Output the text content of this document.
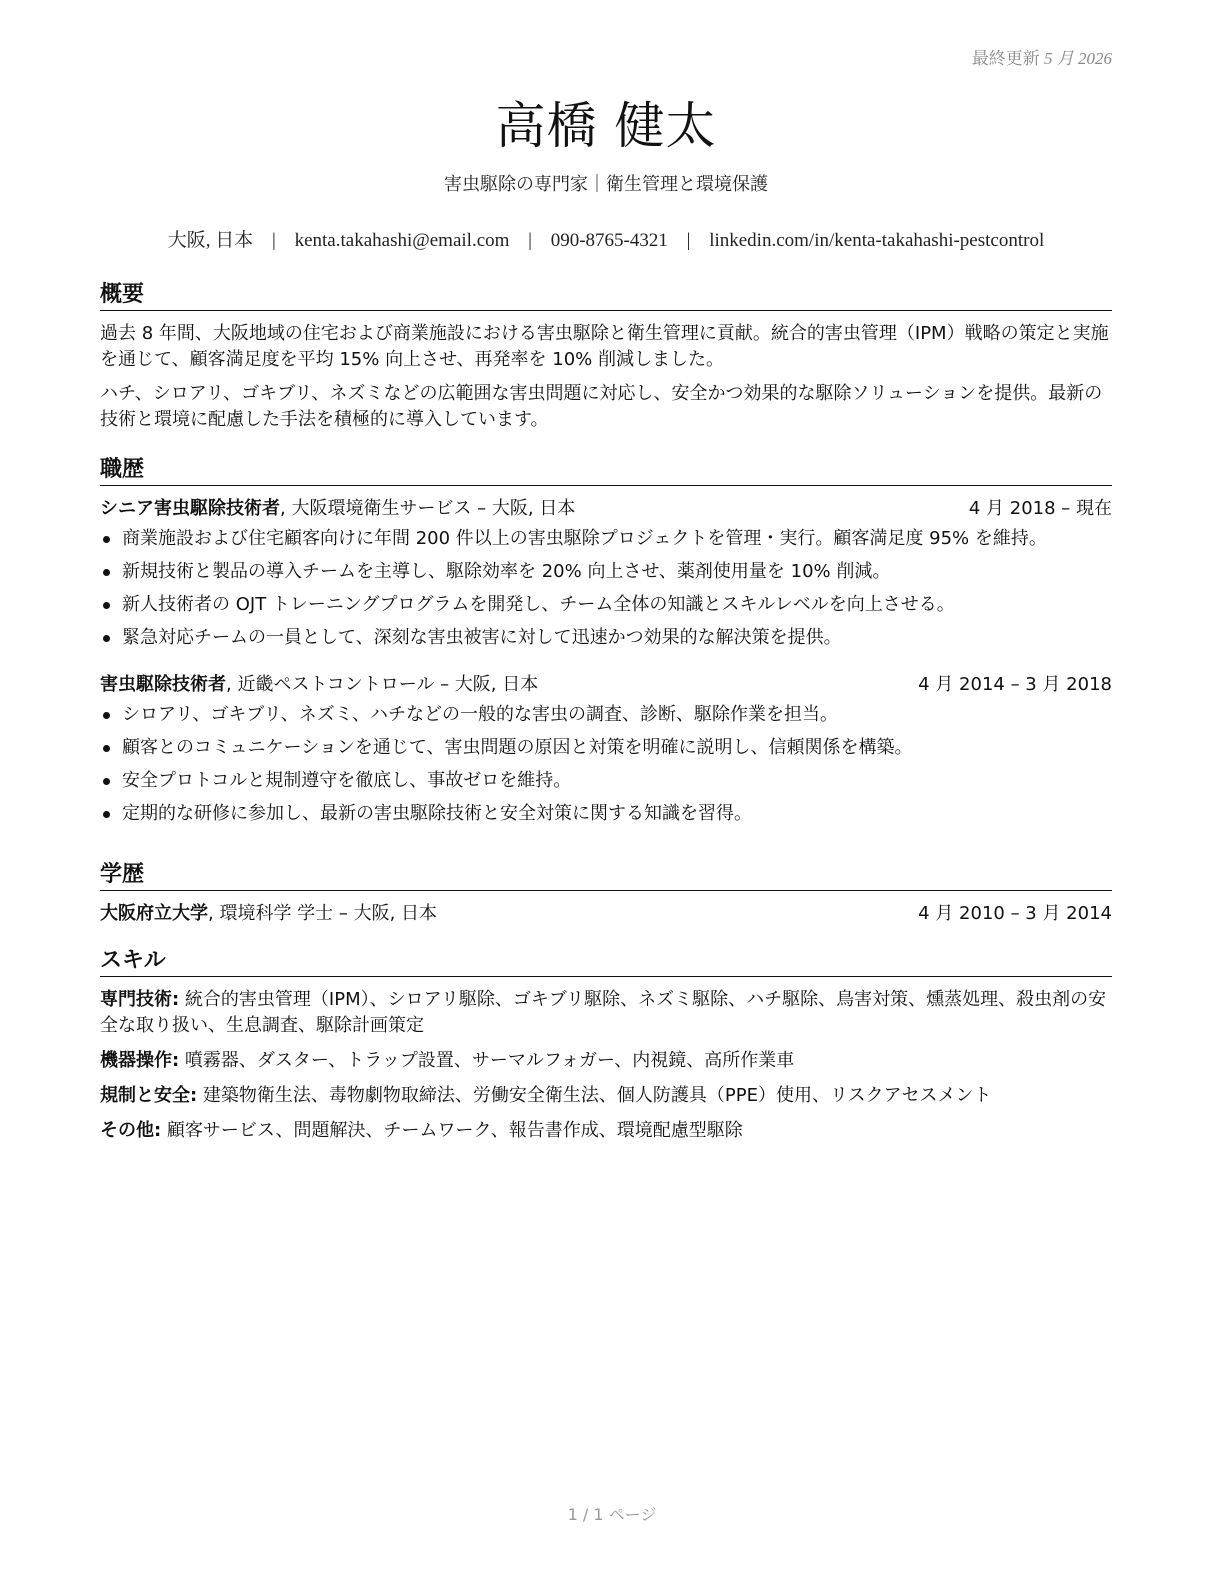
最終更新 5 月 2026
高橋 健太
害虫駆除の専門家｜衛生管理と環境保護
大阪, 日本 | kenta.takahashi@email.com | 090-8765-4321 | linkedin.com/in/kenta-takahashi-pestcontrol
概要

過去 8 年間、大阪地域の住宅および商業施設における害虫駆除と衛生管理に貢献。統合的害虫管理（IPM）戦略の策定と実施を通じて、顧客満足度を平均 15% 向上させ、再発率を 10% 削減しました。

ハチ、シロアリ、ゴキブリ、ネズミなどの広範囲な害虫問題に対応し、安全かつ効果的な駆除ソリューションを提供。最新の技術と環境に配慮した手法を積極的に導入しています。

職歴
シニア害虫駆除技術者, 大阪環境衛生サービス – 大阪, 日本	4 月 2018 – 現在
商業施設および住宅顧客向けに年間 200 件以上の害虫駆除プロジェクトを管理・実行。顧客満足度 95% を維持。
新規技術と製品の導入チームを主導し、駆除効率を 20% 向上させ、薬剤使用量を 10% 削減。
新人技術者の OJT トレーニングプログラムを開発し、チーム全体の知識とスキルレベルを向上させる。
緊急対応チームの一員として、深刻な害虫被害に対して迅速かつ効果的な解決策を提供。
害虫駆除技術者, 近畿ペストコントロール – 大阪, 日本	4 月 2014 – 3 月 2018
シロアリ、ゴキブリ、ネズミ、ハチなどの一般的な害虫の調査、診断、駆除作業を担当。
顧客とのコミュニケーションを通じて、害虫問題の原因と対策を明確に説明し、信頼関係を構築。
安全プロトコルと規制遵守を徹底し、事故ゼロを維持。
定期的な研修に参加し、最新の害虫駆除技術と安全対策に関する知識を習得。
学歴
大阪府立大学, 環境科学 学士 – 大阪, 日本	4 月 2010 – 3 月 2014
スキル
専門技術: 統合的害虫管理（IPM）、シロアリ駆除、ゴキブリ駆除、ネズミ駆除、ハチ駆除、鳥害対策、燻蒸処理、殺虫剤の安全な取り扱い、生息調査、駆除計画策定
機器操作: 噴霧器、ダスター、トラップ設置、サーマルフォガー、内視鏡、高所作業車
規制と安全: 建築物衛生法、毒物劇物取締法、労働安全衛生法、個人防護具（PPE）使用、リスクアセスメント
その他: 顧客サービス、問題解決、チームワーク、報告書作成、環境配慮型駆除
1 / 1 ページ
